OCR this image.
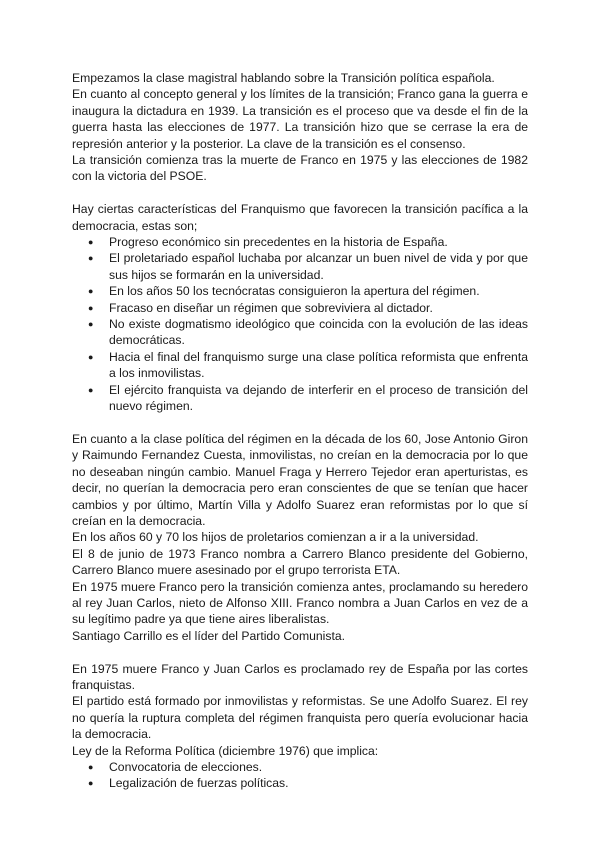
Empezamos la clase magistral hablando sobre la Transición política española.

En cuanto al concepto general y los límites de la transición; Franco gana la guerra e inaugura la dictadura en 1939. La transición es el proceso que va desde el fin de la guerra hasta las elecciones de 1977. La transición hizo que se cerrase la era de represión anterior y la posterior. La clave de la transición es el consenso.

La transición comienza tras la muerte de Franco en 1975 y las elecciones de 1982 con la victoria del PSOE.

Hay ciertas características del Franquismo que favorecen la transición pacífica a la democracia, estas son;

● Progreso económico sin precedentes en la historia de España.
● El proletariado español luchaba por alcanzar un buen nivel de vida y por que sus hijos se formarán en la universidad.
● En los años 50 los tecnócratas consiguieron la apertura del régimen.
● Fracaso en diseñar un régimen que sobreviviera al dictador.
● No existe dogmatismo ideológico que coincida con la evolución de las ideas democráticas.
● Hacia el final del franquismo surge una clase política reformista que enfrenta a los inmovilistas.
● El ejército franquista va dejando de interferir en el proceso de transición del nuevo régimen.

En cuanto a la clase política del régimen en la década de los 60, Jose Antonio Giron y Raimundo Fernandez Cuesta, inmovilistas, no creían en la democracia por lo que no deseaban ningún cambio. Manuel Fraga y Herrero Tejedor eran aperturistas, es decir, no querían la democracia pero eran conscientes de que se tenían que hacer cambios y por último, Martín Villa y Adolfo Suarez eran reformistas por lo que sí creían en la democracia.

En los años 60 y 70 los hijos de proletarios comienzan a ir a la universidad.

El 8 de junio de 1973 Franco nombra a Carrero Blanco presidente del Gobierno, Carrero Blanco muere asesinado por el grupo terrorista ETA.

En 1975 muere Franco pero la transición comienza antes, proclamando su heredero al rey Juan Carlos, nieto de Alfonso XIII. Franco nombra a Juan Carlos en vez de a su legítimo padre ya que tiene aires liberalistas.

Santiago Carrillo es el líder del Partido Comunista.

En 1975 muere Franco y Juan Carlos es proclamado rey de España por las cortes franquistas.

El partido está formado por inmovilistas y reformistas. Se une Adolfo Suarez. El rey no quería la ruptura completa del régimen franquista pero quería evolucionar hacia la democracia.

Ley de la Reforma Política (diciembre 1976) que implica:

● Convocatoria de elecciones.
● Legalización de fuerzas políticas.
